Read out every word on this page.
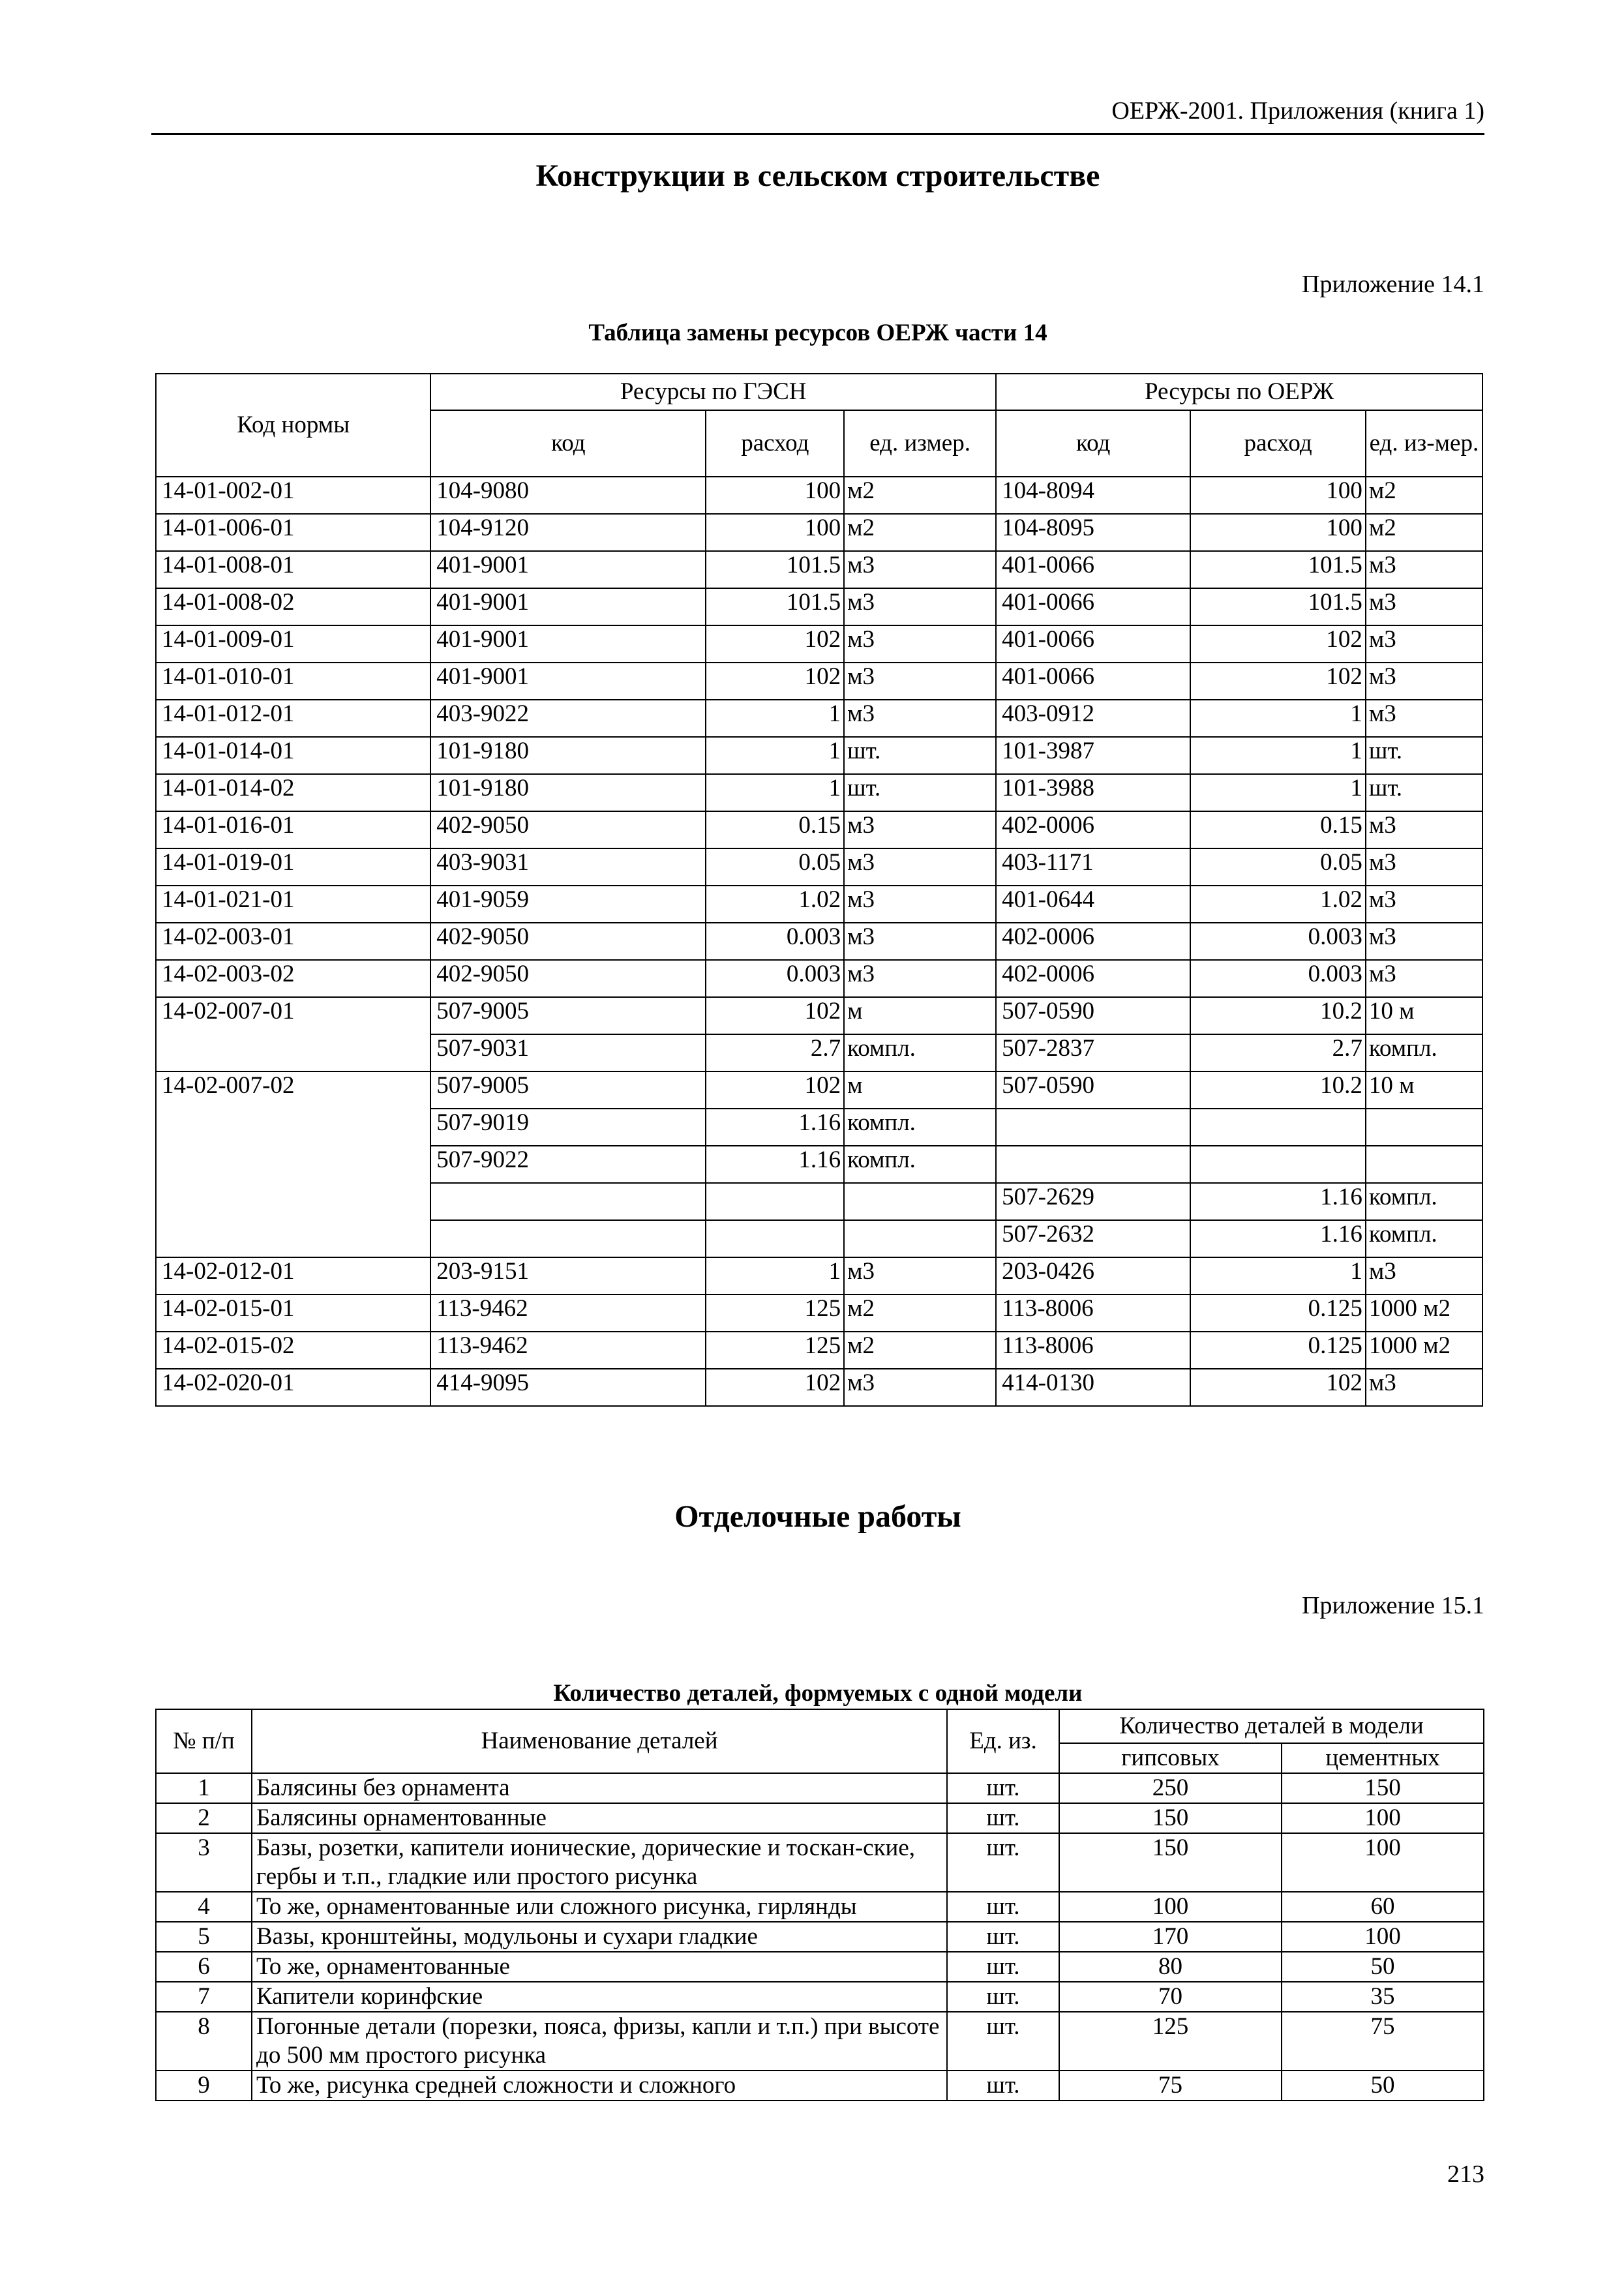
ОЕРЖ-2001. Приложения (книга 1)
Конструкции в сельском строительстве
Приложение 14.1
Таблица замены ресурсов ОЕРЖ части 14
Код нормы	Ресурсы по ГЭСН			Ресурсы по ОЕРЖ		
	код	расход	ед. измер.	код	расход	ед. из-мер.
14-01-002-01	104-9080	100	м2	104-8094	100	м2
14-01-006-01	104-9120	100	м2	104-8095	100	м2
14-01-008-01	401-9001	101.5	м3	401-0066	101.5	м3
14-01-008-02	401-9001	101.5	м3	401-0066	101.5	м3
14-01-009-01	401-9001	102	м3	401-0066	102	м3
14-01-010-01	401-9001	102	м3	401-0066	102	м3
14-01-012-01	403-9022	1	м3	403-0912	1	м3
14-01-014-01	101-9180	1	шт.	101-3987	1	шт.
14-01-014-02	101-9180	1	шт.	101-3988	1	шт.
14-01-016-01	402-9050	0.15	м3	402-0006	0.15	м3
14-01-019-01	403-9031	0.05	м3	403-1171	0.05	м3
14-01-021-01	401-9059	1.02	м3	401-0644	1.02	м3
14-02-003-01	402-9050	0.003	м3	402-0006	0.003	м3
14-02-003-02	402-9050	0.003	м3	402-0006	0.003	м3
14-02-007-01	507-9005	102	м	507-0590	10.2	10 м
	507-9031	2.7	компл.	507-2837	2.7	компл.
14-02-007-02	507-9005	102	м	507-0590	10.2	10 м
	507-9019	1.16	компл.			
	507-9022	1.16	компл.			
				507-2629	1.16	компл.
				507-2632	1.16	компл.
14-02-012-01	203-9151	1	м3	203-0426	1	м3
14-02-015-01	113-9462	125	м2	113-8006	0.125	1000 м2
14-02-015-02	113-9462	125	м2	113-8006	0.125	1000 м2
14-02-020-01	414-9095	102	м3	414-0130	102	м3
Отделочные работы
Приложение 15.1
Количество деталей, формуемых с одной модели
№ п/п	Наименование деталей	Ед. из.	Количество деталей в модели	
			гипсовых	цементных
1	Балясины без орнамента	шт.	250	150
2	Балясины орнаментованные	шт.	150	100
3	Базы, розетки, капители ионические, дорические и тоскан-ские, гербы и т.п., гладкие или простого рисунка	шт.	150	100
4	То же, орнаментованные или сложного рисунка, гирлянды	шт.	100	60
5	Вазы, кронштейны, модульоны и сухари гладкие	шт.	170	100
6	То же, орнаментованные	шт.	80	50
7	Капители коринфские	шт.	70	35
8	Погонные детали (порезки, пояса, фризы, капли и т.п.) при высоте до 500 мм простого рисунка	шт.	125	75
9	То же, рисунка средней сложности и сложного	шт.	75	50
213
